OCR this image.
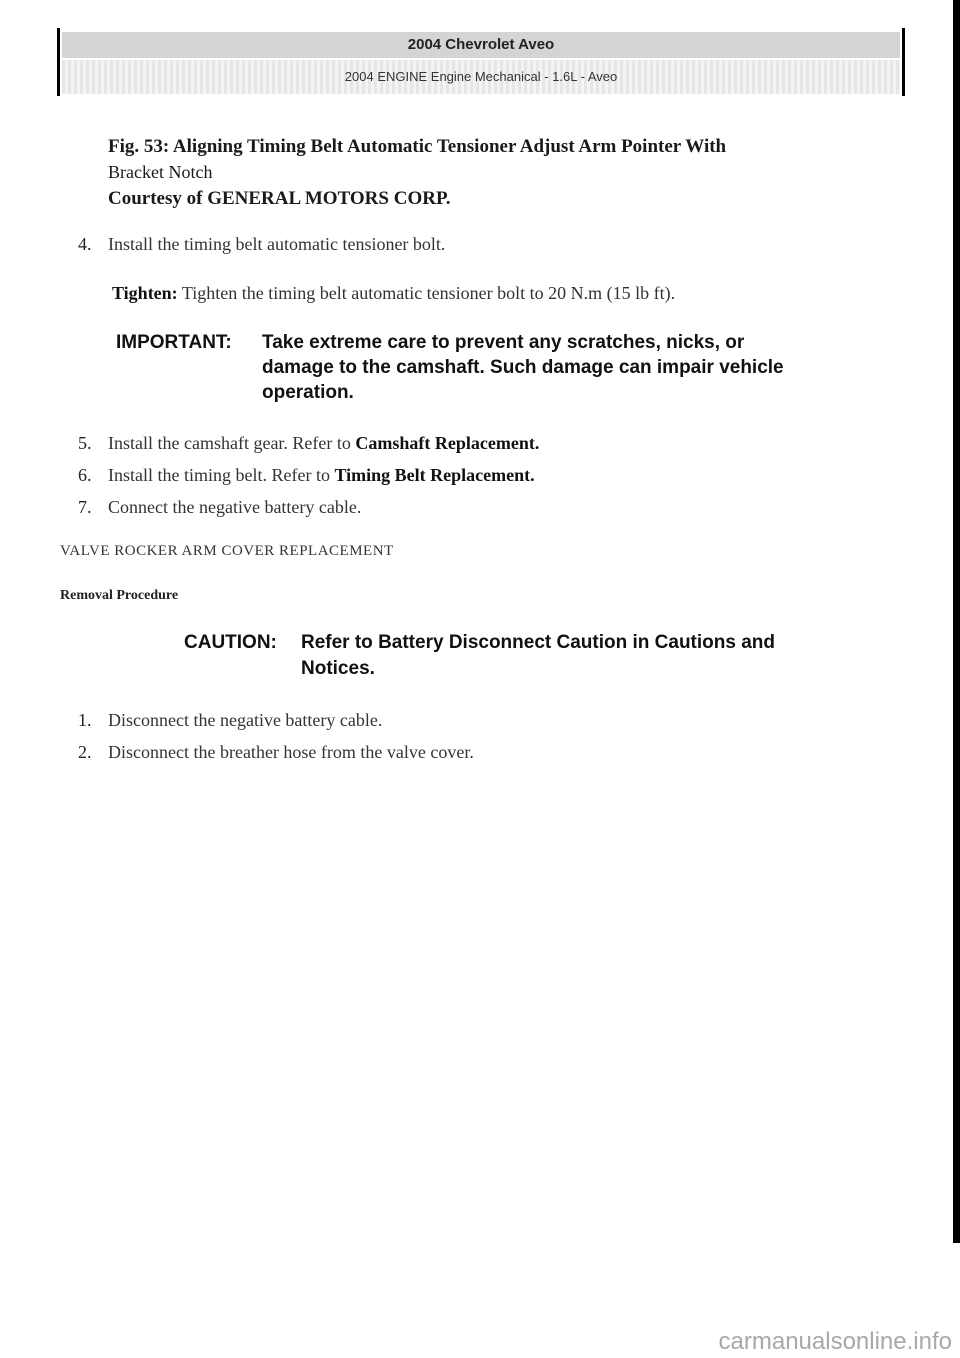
2004 Chevrolet Aveo
2004 ENGINE Engine Mechanical - 1.6L - Aveo
Fig. 53: Aligning Timing Belt Automatic Tensioner Adjust Arm Pointer With
Bracket Notch
Courtesy of GENERAL MOTORS CORP.
4. Install the timing belt automatic tensioner bolt.
Tighten: Tighten the timing belt automatic tensioner bolt to 20 N.m (15 lb ft).
IMPORTANT: Take extreme care to prevent any scratches, nicks, or
damage to the camshaft. Such damage can impair vehicle
operation.
5. Install the camshaft gear. Refer to Camshaft Replacement.
6. Install the timing belt. Refer to Timing Belt Replacement.
7. Connect the negative battery cable.
VALVE ROCKER ARM COVER REPLACEMENT
Removal Procedure
CAUTION: Refer to Battery Disconnect Caution in Cautions and
Notices.
1. Disconnect the negative battery cable.
2. Disconnect the breather hose from the valve cover.
carmanualsonline.info
